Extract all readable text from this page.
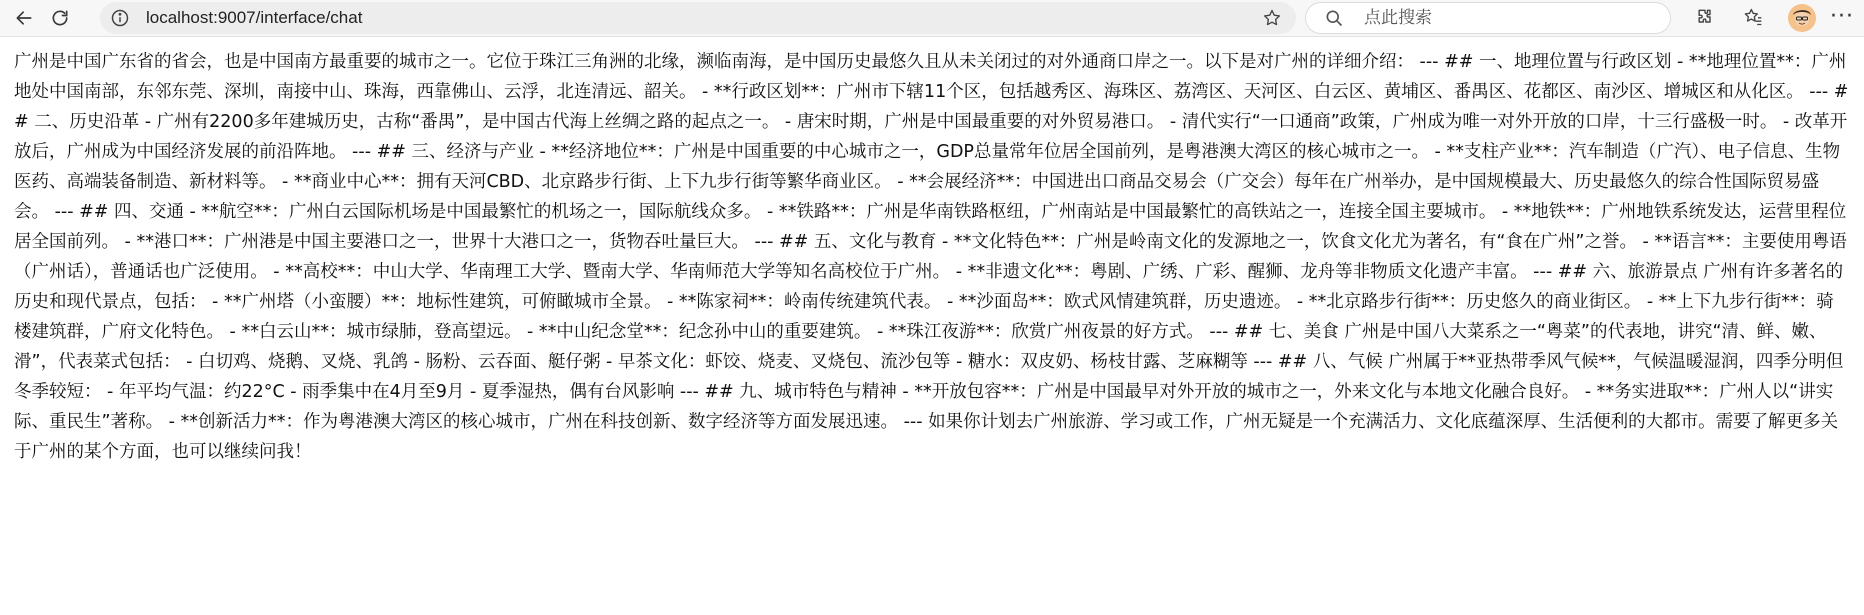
localhost:9007/interface/chat
点此搜索	···
广州是中国广东省的省会，也是中国南方最重要的城市之一。它位于珠江三角洲的北缘，濒临南海，是中国历史最悠久且从未关闭过的对外通商口岸之一。以下是对广州的详细介绍： --- ## 一、地理位置与行政区划 - **地理位置**：广州地处中国南部，东邻东莞、深圳，南接中山、珠海，西靠佛山、云浮，北连清远、韶关。 - **行政区划**：广州市下辖11个区，包括越秀区、海珠区、荔湾区、天河区、白云区、黄埔区、番禺区、花都区、南沙区、增城区和从化区。 --- ## 二、历史沿革 - 广州有2200多年建城历史，古称“番禺”，是中国古代海上丝绸之路的起点之一。 - 唐宋时期，广州是中国最重要的对外贸易港口。 - 清代实行“一口通商”政策，广州成为唯一对外开放的口岸，十三行盛极一时。 - 改革开放后，广州成为中国经济发展的前沿阵地。 --- ## 三、经济与产业 - **经济地位**：广州是中国重要的中心城市之一，GDP总量常年位居全国前列，是粤港澳大湾区的核心城市之一。 - **支柱产业**：汽车制造（广汽）、电子信息、生物医药、高端装备制造、新材料等。 - **商业中心**：拥有天河CBD、北京路步行街、上下九步行街等繁华商业区。 - **会展经济**：中国进出口商品交易会（广交会）每年在广州举办，是中国规模最大、历史最悠久的综合性国际贸易盛会。 --- ## 四、交通 - **航空**：广州白云国际机场是中国最繁忙的机场之一，国际航线众多。 - **铁路**：广州是华南铁路枢纽，广州南站是中国最繁忙的高铁站之一，连接全国主要城市。 - **地铁**：广州地铁系统发达，运营里程位居全国前列。 - **港口**：广州港是中国主要港口之一，世界十大港口之一，货物吞吐量巨大。 --- ## 五、文化与教育 - **文化特色**：广州是岭南文化的发源地之一，饮食文化尤为著名，有“食在广州”之誉。 - **语言**：主要使用粤语（广州话），普通话也广泛使用。 - **高校**：中山大学、华南理工大学、暨南大学、华南师范大学等知名高校位于广州。 - **非遗文化**：粤剧、广绣、广彩、醒狮、龙舟等非物质文化遗产丰富。 --- ## 六、旅游景点 广州有许多著名的历史和现代景点，包括： - **广州塔（小蛮腰）**：地标性建筑，可俯瞰城市全景。 - **陈家祠**：岭南传统建筑代表。 - **沙面岛**：欧式风情建筑群，历史遗迹。 - **北京路步行街**：历史悠久的商业街区。 - **上下九步行街**：骑楼建筑群，广府文化特色。 - **白云山**：城市绿肺，登高望远。 - **中山纪念堂**：纪念孙中山的重要建筑。 - **珠江夜游**：欣赏广州夜景的好方式。 --- ## 七、美食 广州是中国八大菜系之一“粤菜”的代表地，讲究“清、鲜、嫩、滑”，代表菜式包括： - 白切鸡、烧鹅、叉烧、乳鸽 - 肠粉、云吞面、艇仔粥 - 早茶文化：虾饺、烧麦、叉烧包、流沙包等 - 糖水：双皮奶、杨枝甘露、芝麻糊等 --- ## 八、气候 广州属于**亚热带季风气候**，气候温暖湿润，四季分明但冬季较短： - 年平均气温：约22°C - 雨季集中在4月至9月 - 夏季湿热，偶有台风影响 --- ## 九、城市特色与精神 - **开放包容**：广州是中国最早对外开放的城市之一，外来文化与本地文化融合良好。 - **务实进取**：广州人以“讲实际、重民生”著称。 - **创新活力**：作为粤港澳大湾区的核心城市，广州在科技创新、数字经济等方面发展迅速。 --- 如果你计划去广州旅游、学习或工作，广州无疑是一个充满活力、文化底蕴深厚、生活便利的大都市。需要了解更多关于广州的某个方面，也可以继续问我！
